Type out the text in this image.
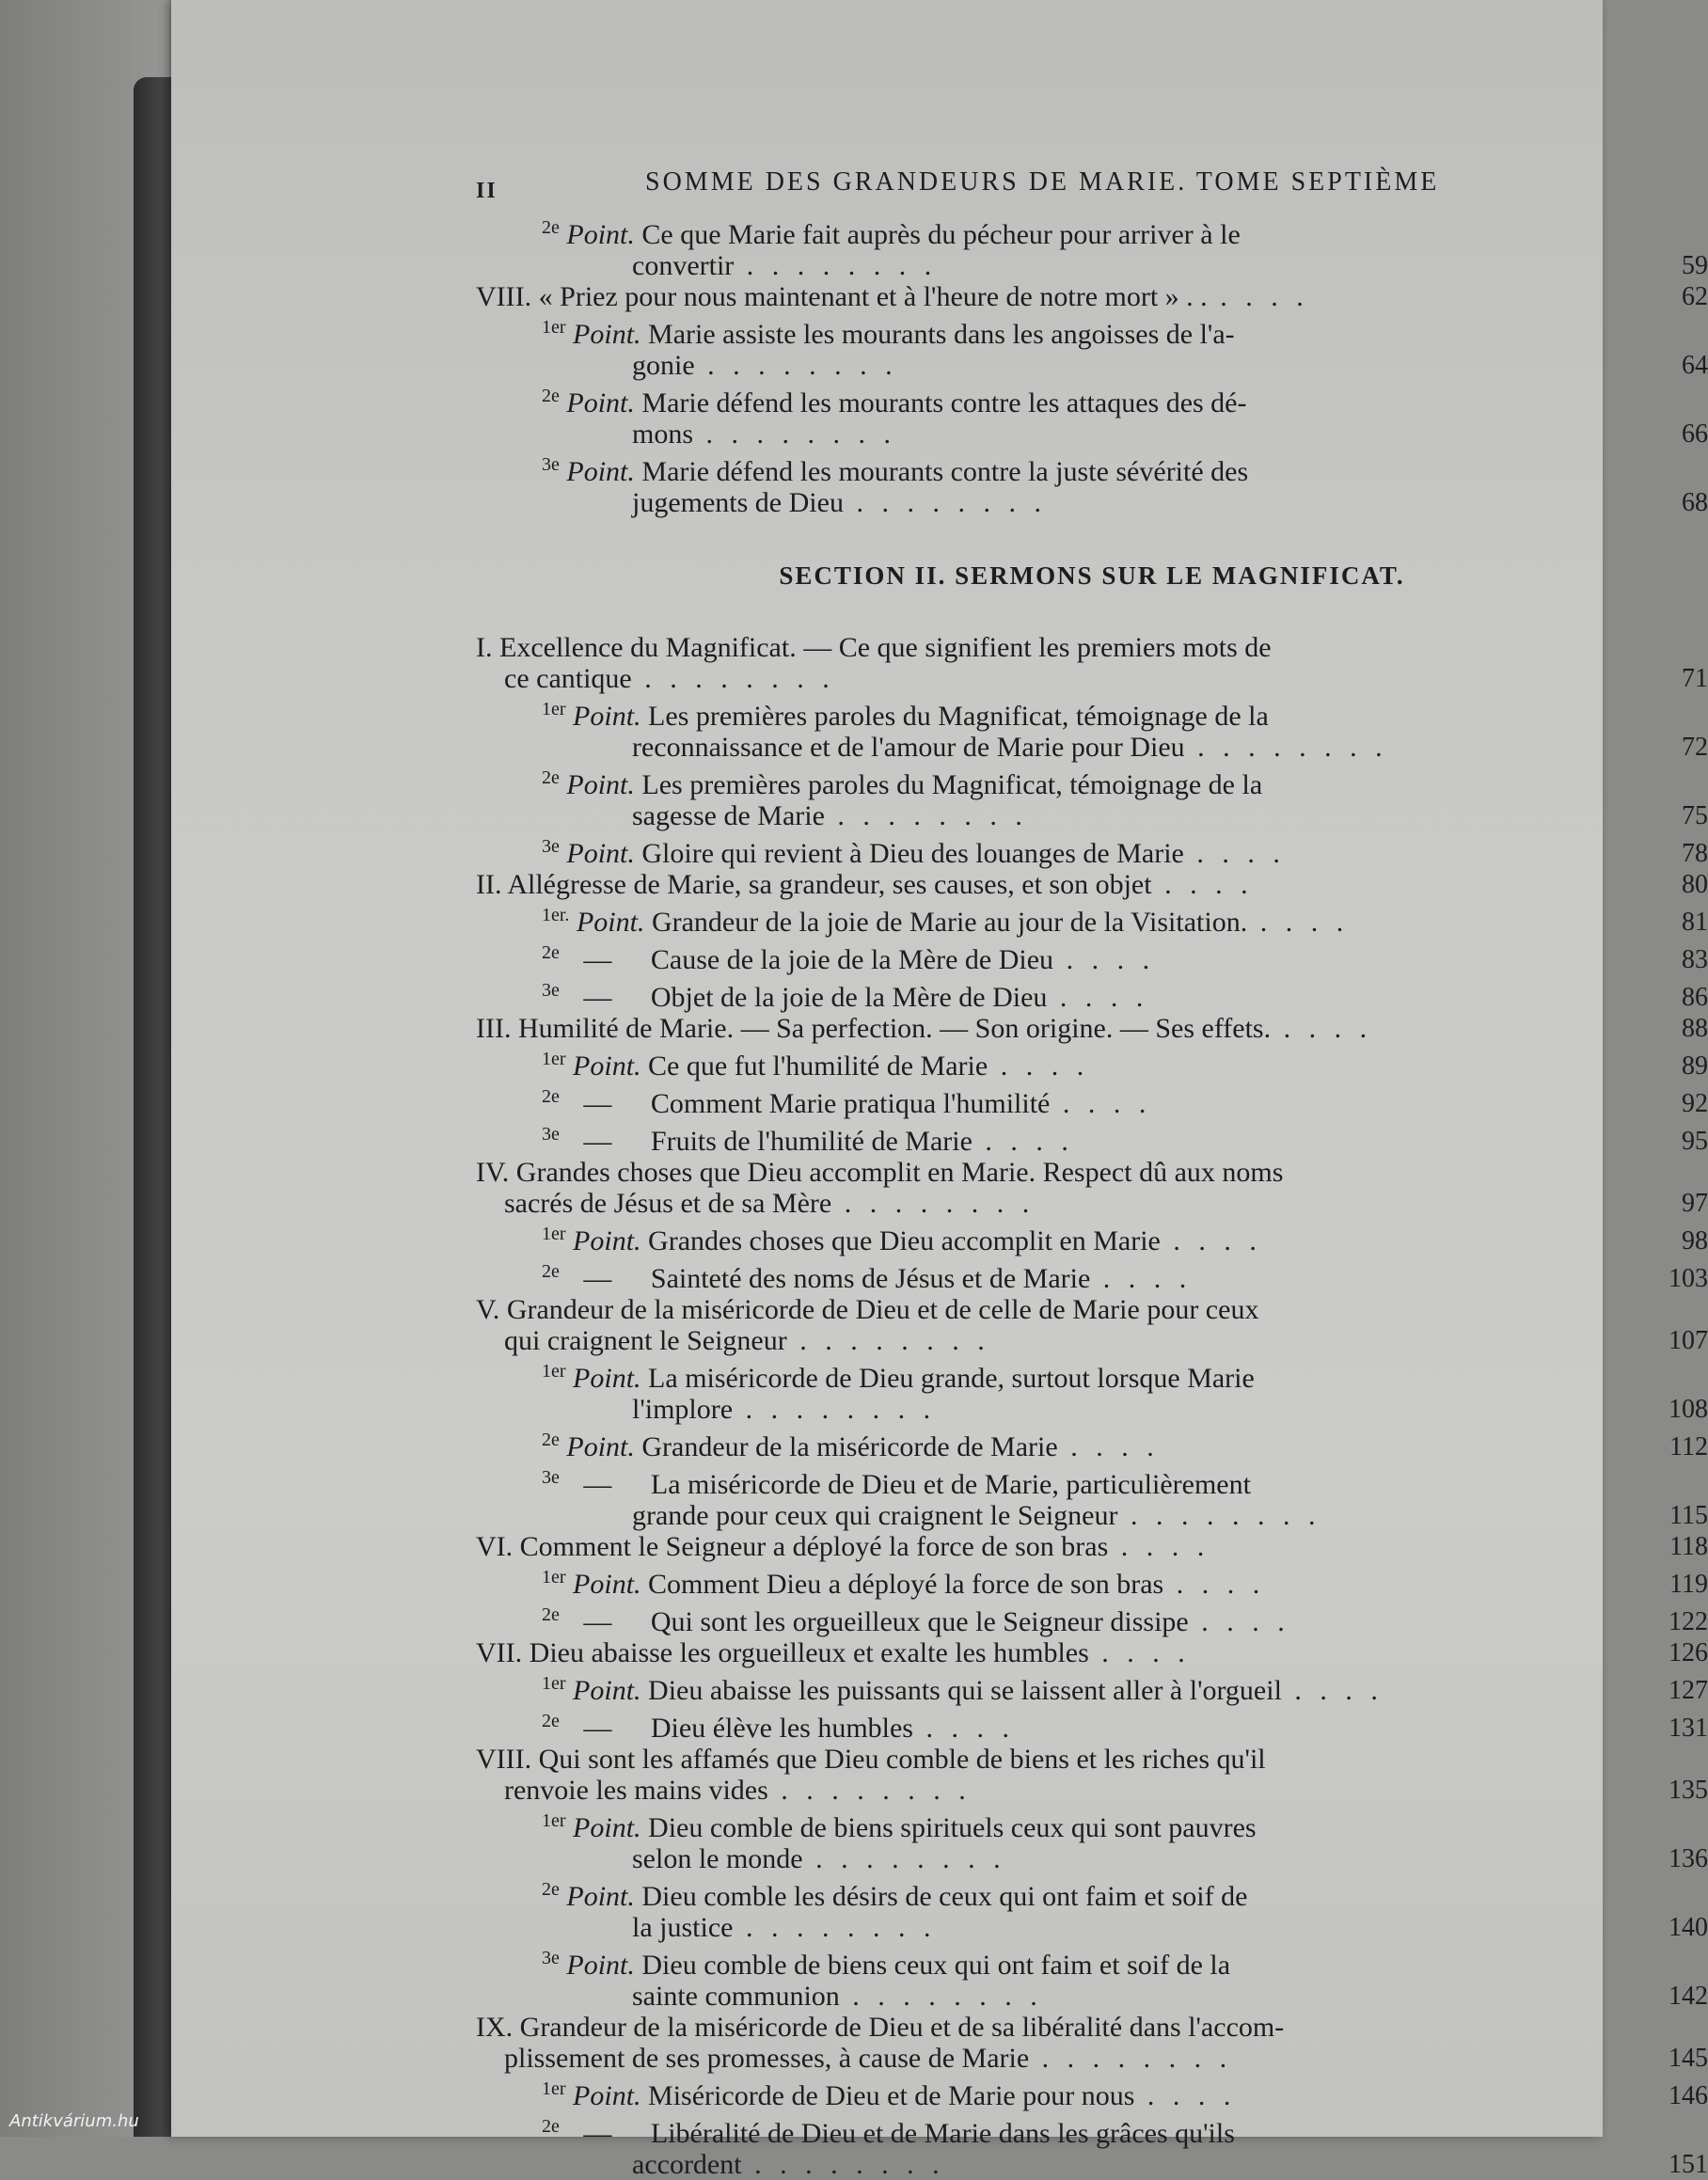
II	SOMME DES GRANDEURS DE MARIE. TOME SEPTIÈME
$^{2e}$ Point. Ce que Marie fait auprès du pécheur pour arriver à le
convertir . . . . . . . .	59
VIII. « Priez pour nous maintenant et à l'heure de notre mort » . . . . . .	62
$^{1er}$ Point. Marie assiste les mourants dans les angoisses de l'a-
gonie . . . . . . . .	64
$^{2e}$ Point. Marie défend les mourants contre les attaques des dé-
mons . . . . . . . .	66
$^{3e}$ Point. Marie défend les mourants contre la juste sévérité des
jugements de Dieu . . . . . . . .	68
SECTION II. SERMONS SUR LE MAGNIFICAT.
I. Excellence du Magnificat. — Ce que signifient les premiers mots de
ce cantique . . . . . . . .	71
$^{1er}$ Point. Les premières paroles du Magnificat, témoignage de la
reconnaissance et de l'amour de Marie pour Dieu . . . . . . . .	72
$^{2e}$ Point. Les premières paroles du Magnificat, témoignage de la
sagesse de Marie . . . . . . . .	75
$^{3e}$ Point. Gloire qui revient à Dieu des louanges de Marie . . . .	78
II. Allégresse de Marie, sa grandeur, ses causes, et son objet . . . .	80
$^{1er.}$ Point. Grandeur de la joie de Marie au jour de la Visitation. . . . .	81
$^{2e}$ — Cause de la joie de la Mère de Dieu . . . .	83
$^{3e}$ — Objet de la joie de la Mère de Dieu . . . .	86
III. Humilité de Marie. — Sa perfection. — Son origine. — Ses effets. . . . .	88
$^{1er}$ Point. Ce que fut l'humilité de Marie . . . .	89
$^{2e}$ — Comment Marie pratiqua l'humilité . . . .	92
$^{3e}$ — Fruits de l'humilité de Marie . . . .	95
IV. Grandes choses que Dieu accomplit en Marie. Respect dû aux noms
sacrés de Jésus et de sa Mère . . . . . . . .	97
$^{1er}$ Point. Grandes choses que Dieu accomplit en Marie . . . .	98
$^{2e}$ — Sainteté des noms de Jésus et de Marie . . . .	103
V. Grandeur de la miséricorde de Dieu et de celle de Marie pour ceux
qui craignent le Seigneur . . . . . . . .	107
$^{1er}$ Point. La miséricorde de Dieu grande, surtout lorsque Marie
l'implore . . . . . . . .	108
$^{2e}$ Point. Grandeur de la miséricorde de Marie . . . .	112
$^{3e}$ — La miséricorde de Dieu et de Marie, particulièrement
grande pour ceux qui craignent le Seigneur . . . . . . . .	115
VI. Comment le Seigneur a déployé la force de son bras . . . .	118
$^{1er}$ Point. Comment Dieu a déployé la force de son bras . . . .	119
$^{2e}$ — Qui sont les orgueilleux que le Seigneur dissipe . . . .	122
VII. Dieu abaisse les orgueilleux et exalte les humbles . . . .	126
$^{1er}$ Point. Dieu abaisse les puissants qui se laissent aller à l'orgueil . . . .	127
$^{2e}$ — Dieu élève les humbles . . . .	131
VIII. Qui sont les affamés que Dieu comble de biens et les riches qu'il
renvoie les mains vides . . . . . . . .	135
$^{1er}$ Point. Dieu comble de biens spirituels ceux qui sont pauvres
selon le monde . . . . . . . .	136
$^{2e}$ Point. Dieu comble les désirs de ceux qui ont faim et soif de
la justice . . . . . . . .	140
$^{3e}$ Point. Dieu comble de biens ceux qui ont faim et soif de la
sainte communion . . . . . . . .	142
IX. Grandeur de la miséricorde de Dieu et de sa libéralité dans l'accom-
plissement de ses promesses, à cause de Marie . . . . . . . .	145
$^{1er}$ Point. Miséricorde de Dieu et de Marie pour nous . . . .	146
$^{2e}$ — Libéralité de Dieu et de Marie dans les grâces qu'ils
accordent . . . . . . . .	151
Antikvárium.hu
